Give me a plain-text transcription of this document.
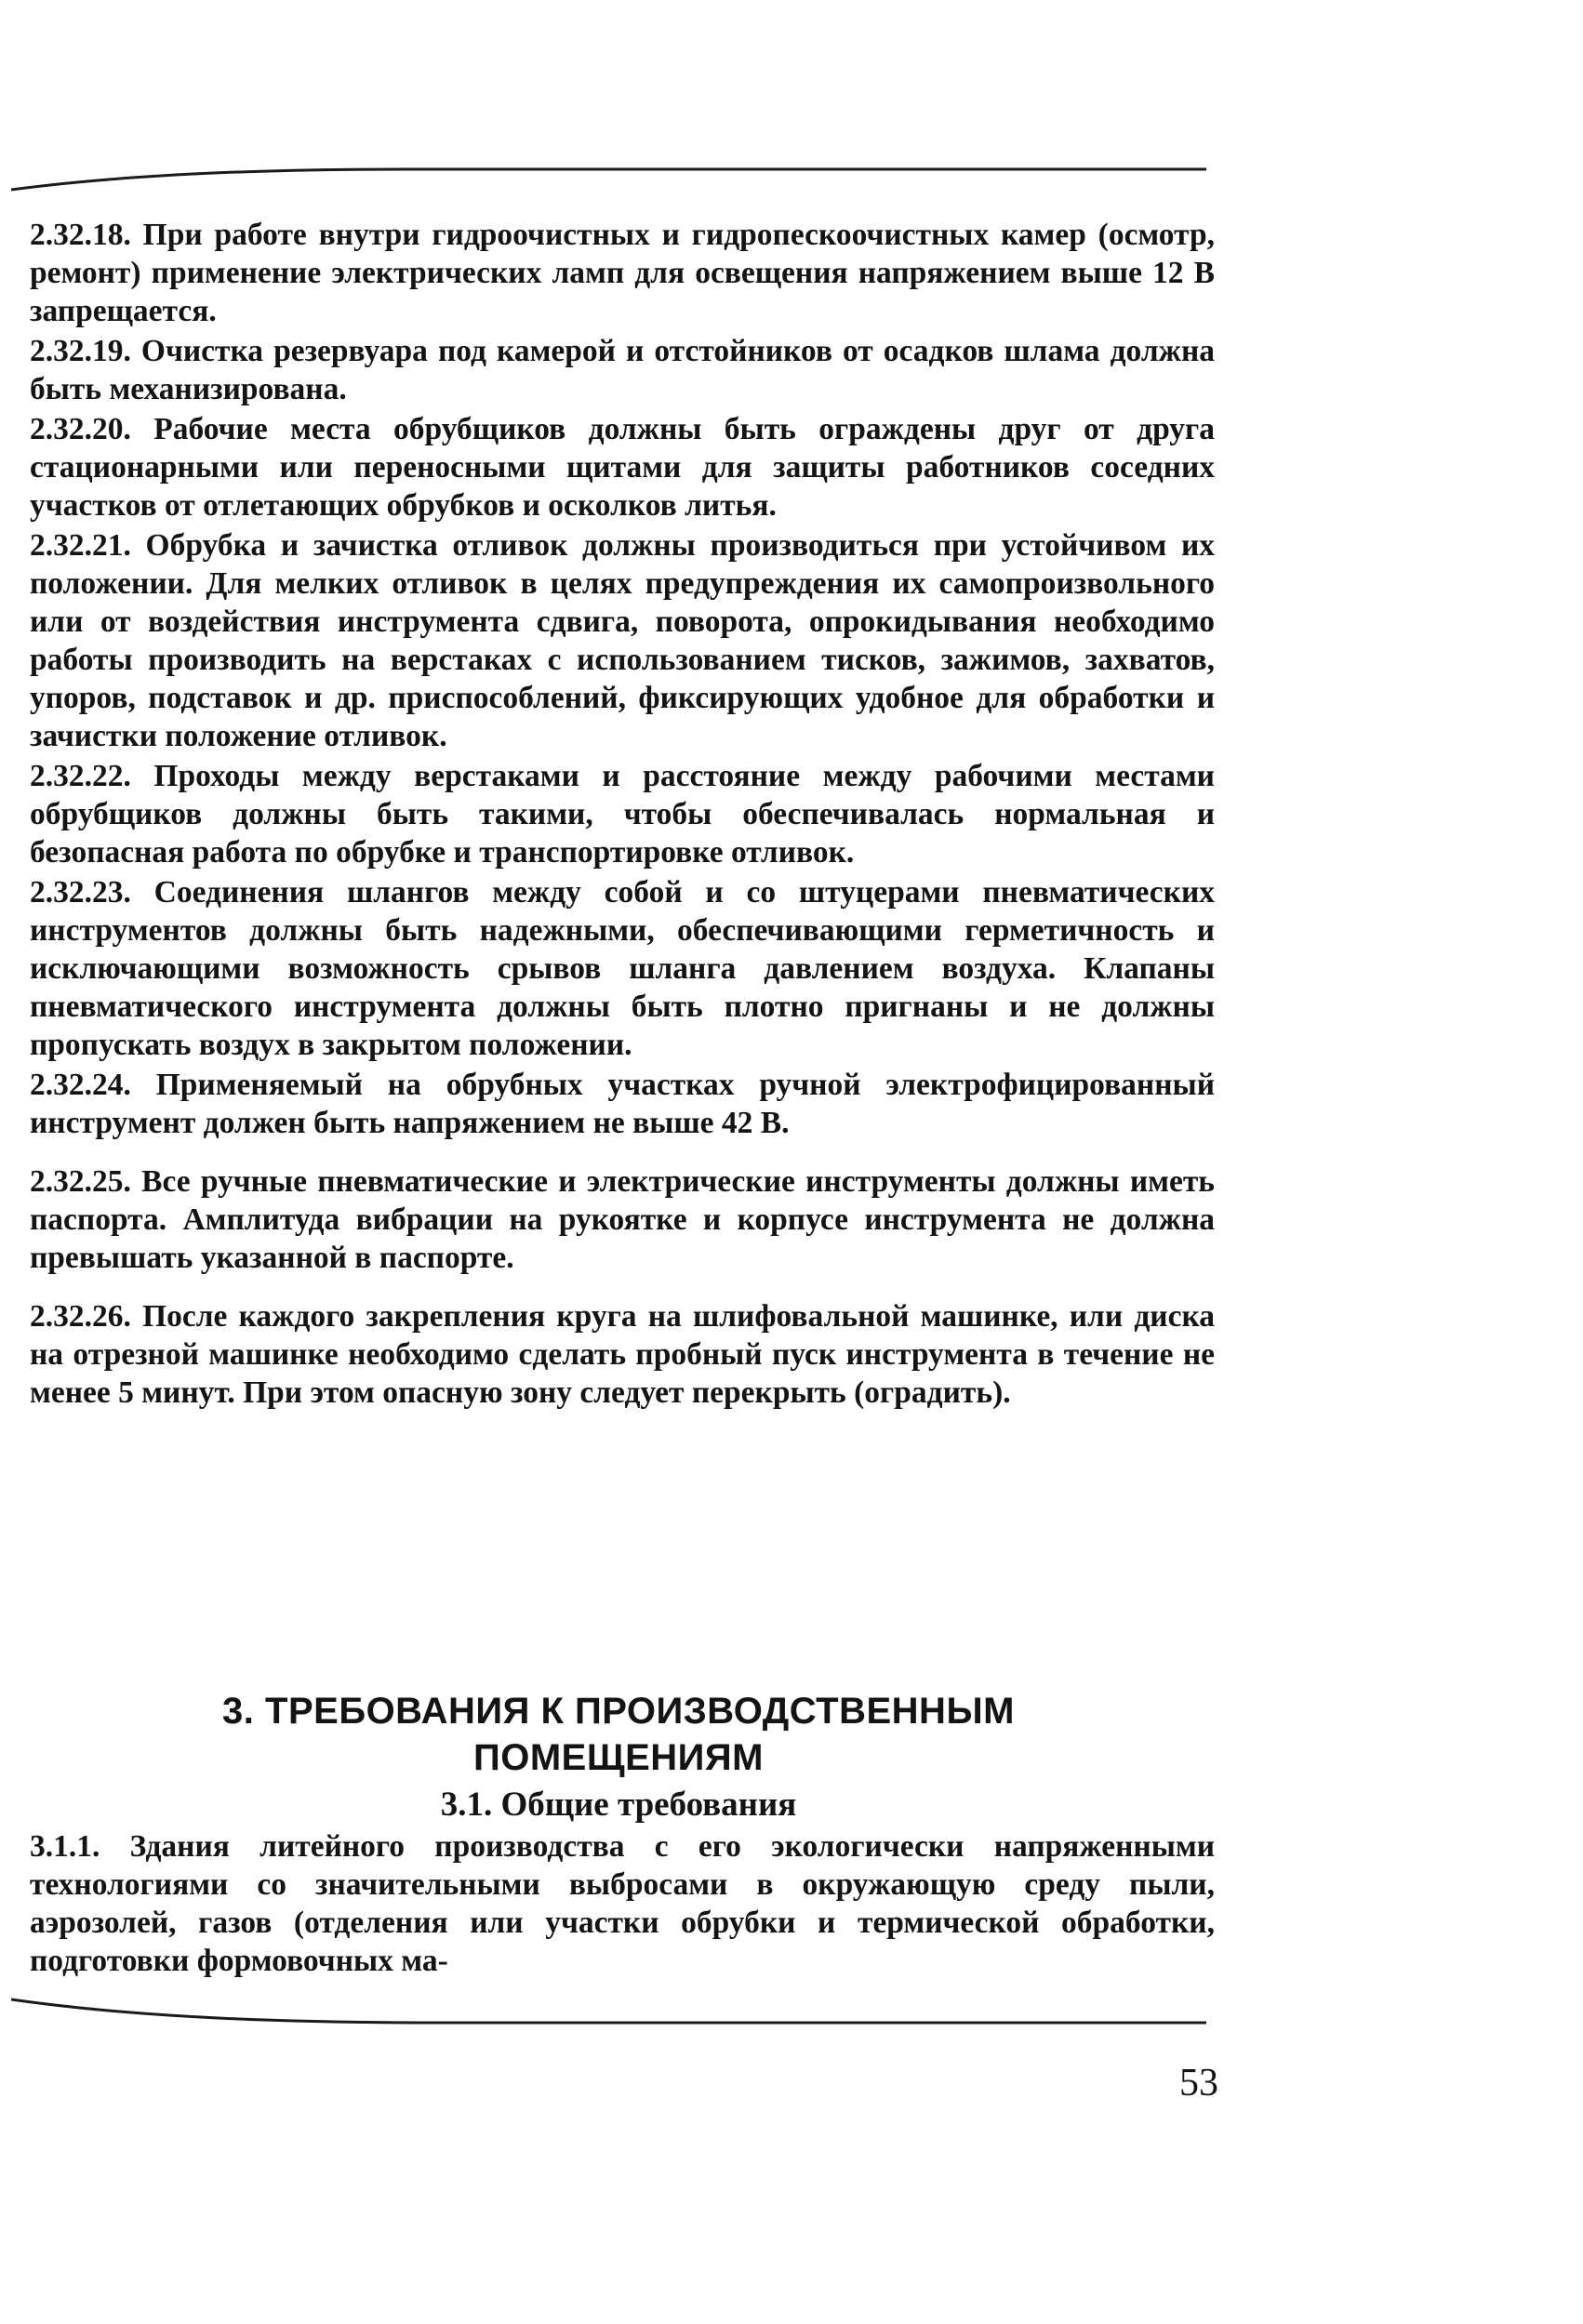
2.32.18. При работе внутри гидроочистных и гидропескоочистных камер (осмотр, ремонт) применение электрических ламп для освещения напряжением выше 12 В запрещается.

2.32.19. Очистка резервуара под камерой и отстойников от осадков шлама должна быть механизирована.

2.32.20. Рабочие места обрубщиков должны быть ограждены друг от друга стационарными или переносными щитами для защиты работников соседних участков от отлетающих обрубков и осколков литья.

2.32.21. Обрубка и зачистка отливок должны производиться при устойчивом их положении. Для мелких отливок в целях предупреждения их самопроизвольного или от воздействия инструмента сдвига, поворота, опрокидывания необходимо работы производить на верстаках с использованием тисков, зажимов, захватов, упоров, подставок и др. приспособлений, фиксирующих удобное для обработки и зачистки положение отливок.

2.32.22. Проходы между верстаками и расстояние между рабочими местами обрубщиков должны быть такими, чтобы обеспечивалась нормальная и безопасная работа по обрубке и транспортировке отливок.

2.32.23. Соединения шлангов между собой и со штуцерами пневматических инструментов должны быть надежными, обеспечивающими герметичность и исключающими возможность срывов шланга давлением воздуха. Клапаны пневматического инструмента должны быть плотно пригнаны и не должны пропускать воздух в закрытом положении.

2.32.24. Применяемый на обрубных участках ручной электрофицированный инструмент должен быть напряжением не выше 42 В.

2.32.25. Все ручные пневматические и электрические инструменты должны иметь паспорта. Амплитуда вибрации на рукоятке и корпусе инструмента не должна превышать указанной в паспорте.

2.32.26. После каждого закрепления круга на шлифовальной машинке, или диска на отрезной машинке необходимо сделать пробный пуск инструмента в течение не менее 5 минут. При этом опасную зону следует перекрыть (оградить).

3. ТРЕБОВАНИЯ К ПРОИЗВОДСТВЕННЫМ
ПОМЕЩЕНИЯМ
3.1. Общие требования
3.1.1. Здания литейного производства с его экологически напряженными технологиями со значительными выбросами в окружающую среду пыли, аэрозолей, газов (отделения или участки обрубки и термической обработки, подготовки формовочных ма-
53
